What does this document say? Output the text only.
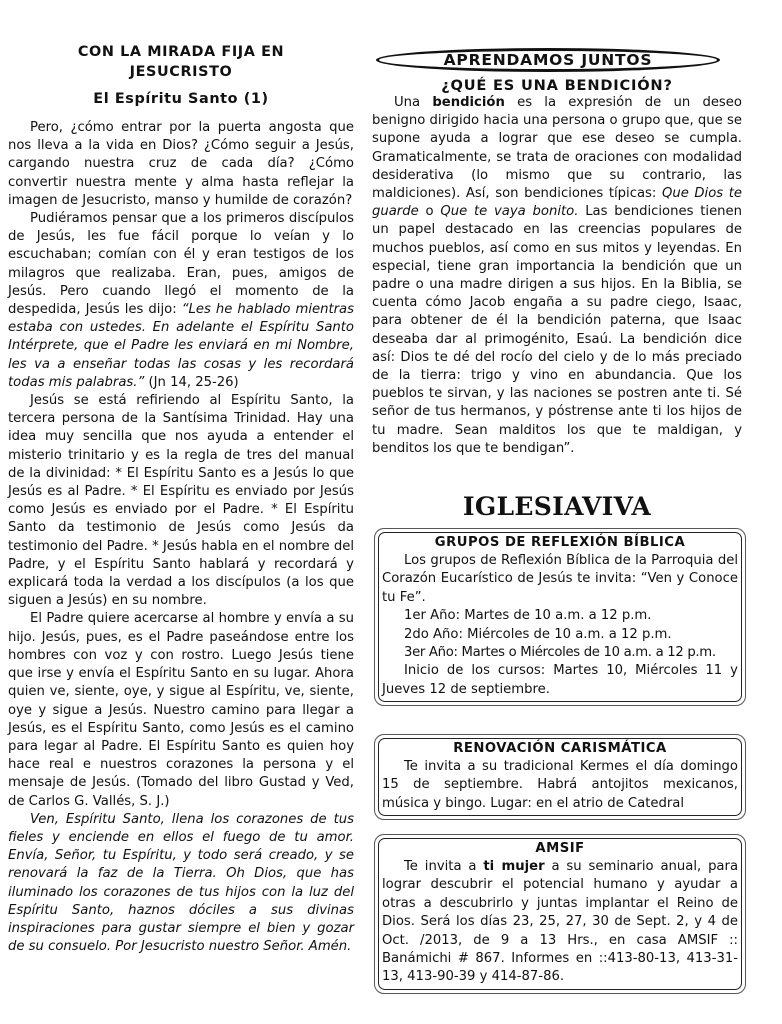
CON LA MIRADA FIJA EN
JESUCRISTO
El Espíritu Santo (1)

Pero, ¿cómo entrar por la puerta angosta que nos lleva a la vida en Dios? ¿Cómo seguir a Jesús, cargando nuestra cruz de cada día? ¿Cómo convertir nuestra mente y alma hasta reflejar la imagen de Jesucristo, manso y humilde de corazón?

Pudiéramos pensar que a los primeros discípulos de Jesús, les fue fácil porque lo veían y lo escuchaban; comían con él y eran testigos de los milagros que realizaba. Eran, pues, amigos de Jesús. Pero cuando llegó el momento de la despedida, Jesús les dijo: “Les he hablado mientras estaba con ustedes. En adelante el Espíritu Santo Intérprete, que el Padre les enviará en mi Nombre, les va a enseñar todas las cosas y les recordará todas mis palabras.” (Jn 14, 25-26)

Jesús se está refiriendo al Espíritu Santo, la tercera persona de la Santísima Trinidad. Hay una idea muy sencilla que nos ayuda a entender el misterio trinitario y es la regla de tres del manual de la divinidad: * El Espíritu Santo es a Jesús lo que Jesús es al Padre. * El Espíritu es enviado por Jesús como Jesús es enviado por el Padre. * El Espíritu Santo da testimonio de Jesús como Jesús da testimonio del Padre. * Jesús habla en el nombre del Padre, y el Espíritu Santo hablará y recordará y explicará toda la verdad a los discípulos (a los que siguen a Jesús) en su nombre.

El Padre quiere acercarse al hombre y envía a su hijo. Jesús, pues, es el Padre paseándose entre los hombres con voz y con rostro. Luego Jesús tiene que irse y envía el Espíritu Santo en su lugar. Ahora quien ve, siente, oye, y sigue al Espíritu, ve, siente, oye y sigue a Jesús. Nuestro camino para llegar a Jesús, es el Espíritu Santo, como Jesús es el camino para legar al Padre. El Espíritu Santo es quien hoy hace real e nuestros corazones la persona y el mensaje de Jesús. (Tomado del libro Gustad y Ved, de Carlos G. Vallés, S. J.)

Ven, Espíritu Santo, llena los corazones de tus fieles y enciende en ellos el fuego de tu amor. Envía, Señor, tu Espíritu, y todo será creado, y se renovará la faz de la Tierra. Oh Dios, que has iluminado los corazones de tus hijos con la luz del Espíritu Santo, haznos dóciles a sus divinas inspiraciones para gustar siempre el bien y gozar de su consuelo. Por Jesucristo nuestro Señor. Amén.

APRENDAMOS JUNTOS
¿QUÉ ES UNA BENDICIÓN?

Una bendición es la expresión de un deseo benigno dirigido hacia una persona o grupo que, que se supone ayuda a lograr que ese deseo se cumpla. Gramaticalmente, se trata de oraciones con modalidad desiderativa (lo mismo que su contrario, las maldiciones). Así, son bendiciones típicas: Que Dios te guarde o Que te vaya bonito. Las bendiciones tienen un papel destacado en las creencias populares de muchos pueblos, así como en sus mitos y leyendas. En especial, tiene gran importancia la bendición que un padre o una madre dirigen a sus hijos. En la Biblia, se cuenta cómo Jacob engaña a su padre ciego, Isaac, para obtener de él la bendición paterna, que Isaac deseaba dar al primogénito, Esaú. La bendición dice así: Dios te dé del rocío del cielo y de lo más preciado de la tierra: trigo y vino en abundancia. Que los pueblos te sirvan, y las naciones se postren ante ti. Sé señor de tus hermanos, y póstrense ante ti los hijos de tu madre. Sean malditos los que te maldigan, y benditos los que te bendigan”.

IGLESIAVIVA
GRUPOS DE REFLEXIÓN BÍBLICA

Los grupos de Reflexión Bíblica de la Parroquia del Corazón Eucarístico de Jesús te invita: “Ven y Conoce tu Fe”.

1er Año: Martes de 10 a.m. a 12 p.m.

2do Año: Miércoles de 10 a.m. a 12 p.m.

3er Año: Martes o Miércoles de 10 a.m. a 12 p.m.

Inicio de los cursos: Martes 10, Miércoles 11 y Jueves 12 de septiembre.

RENOVACIÓN CARISMÁTICA

Te invita a su tradicional Kermes el día domingo 15 de septiembre. Habrá antojitos mexicanos, música y bingo. Lugar: en el atrio de Catedral

AMSIF

Te invita a ti mujer a su seminario anual, para lograr descubrir el potencial humano y ayudar a otras a descubrirlo y juntas implantar el Reino de Dios. Será los días 23, 25, 27, 30 de Sept. 2, y 4 de Oct. /2013, de 9 a 13 Hrs., en casa AMSIF :: Banámichi # 867. Informes en ::413-80-13, 413-31-13, 413-90-39 y 414-87-86.
